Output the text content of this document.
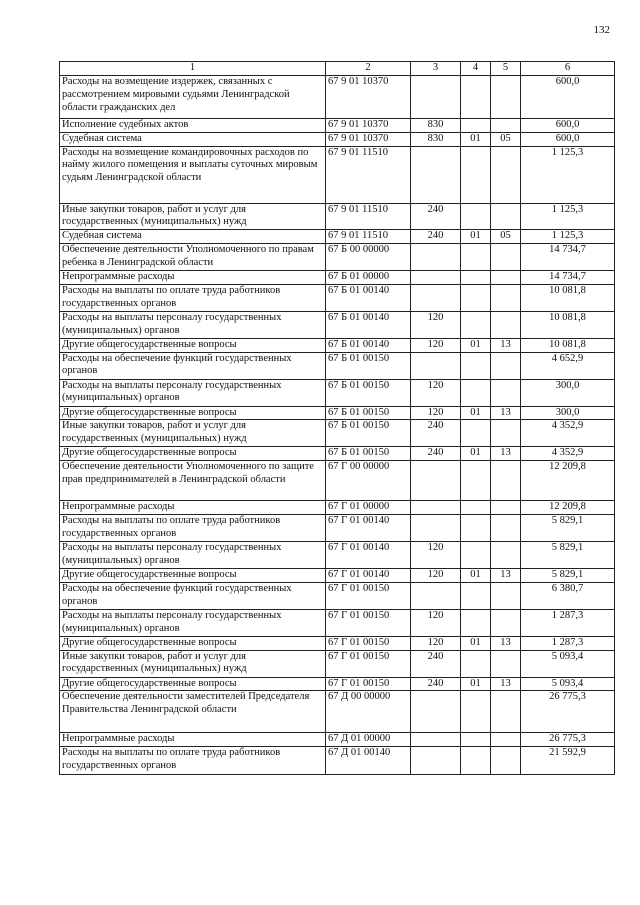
132
1	2	3	4	5	6
Расходы на возмещение издержек, связанных с рассмотрением мировыми судьями Ленинградской области гражданских дел	67 9 01 10370				600,0
Исполнение судебных актов	67 9 01 10370	830			600,0
Судебная система	67 9 01 10370	830	01	05	600,0
Расходы на возмещение командировочных расходов по найму жилого помещения и выплаты суточных мировым судьям Ленинградской области	67 9 01 11510				1 125,3
Иные закупки товаров, работ и услуг для государственных (муниципальных) нужд	67 9 01 11510	240			1 125,3
Судебная система	67 9 01 11510	240	01	05	1 125,3
Обеспечение деятельности Уполномоченного по правам ребенка в Ленинградской области	67 Б 00 00000				14 734,7
Непрограммные расходы	67 Б 01 00000				14 734,7
Расходы на выплаты по оплате труда работников государственных органов	67 Б 01 00140				10 081,8
Расходы на выплаты персоналу государственных (муниципальных) органов	67 Б 01 00140	120			10 081,8
Другие общегосударственные вопросы	67 Б 01 00140	120	01	13	10 081,8
Расходы на обеспечение функций государственных органов	67 Б 01 00150				4 652,9
Расходы на выплаты персоналу государственных (муниципальных) органов	67 Б 01 00150	120			300,0
Другие общегосударственные вопросы	67 Б 01 00150	120	01	13	300,0
Иные закупки товаров, работ и услуг для государственных (муниципальных) нужд	67 Б 01 00150	240			4 352,9
Другие общегосударственные вопросы	67 Б 01 00150	240	01	13	4 352,9
Обеспечение деятельности Уполномоченного по защите прав предпринимателей в Ленинградской области	67 Г 00 00000				12 209,8
Непрограммные расходы	67 Г 01 00000				12 209,8
Расходы на выплаты по оплате труда работников государственных органов	67 Г 01 00140				5 829,1
Расходы на выплаты персоналу государственных (муниципальных) органов	67 Г 01 00140	120			5 829,1
Другие общегосударственные вопросы	67 Г 01 00140	120	01	13	5 829,1
Расходы на обеспечение функций государственных органов	67 Г 01 00150				6 380,7
Расходы на выплаты персоналу государственных (муниципальных) органов	67 Г 01 00150	120			1 287,3
Другие общегосударственные вопросы	67 Г 01 00150	120	01	13	1 287,3
Иные закупки товаров, работ и услуг для государственных (муниципальных) нужд	67 Г 01 00150	240			5 093,4
Другие общегосударственные вопросы	67 Г 01 00150	240	01	13	5 093,4
Обеспечение деятельности заместителей Председателя Правительства Ленинградской области	67 Д 00 00000				26 775,3
Непрограммные расходы	67 Д 01 00000				26 775,3
Расходы на выплаты по оплате труда работников государственных органов	67 Д 01 00140				21 592,9
